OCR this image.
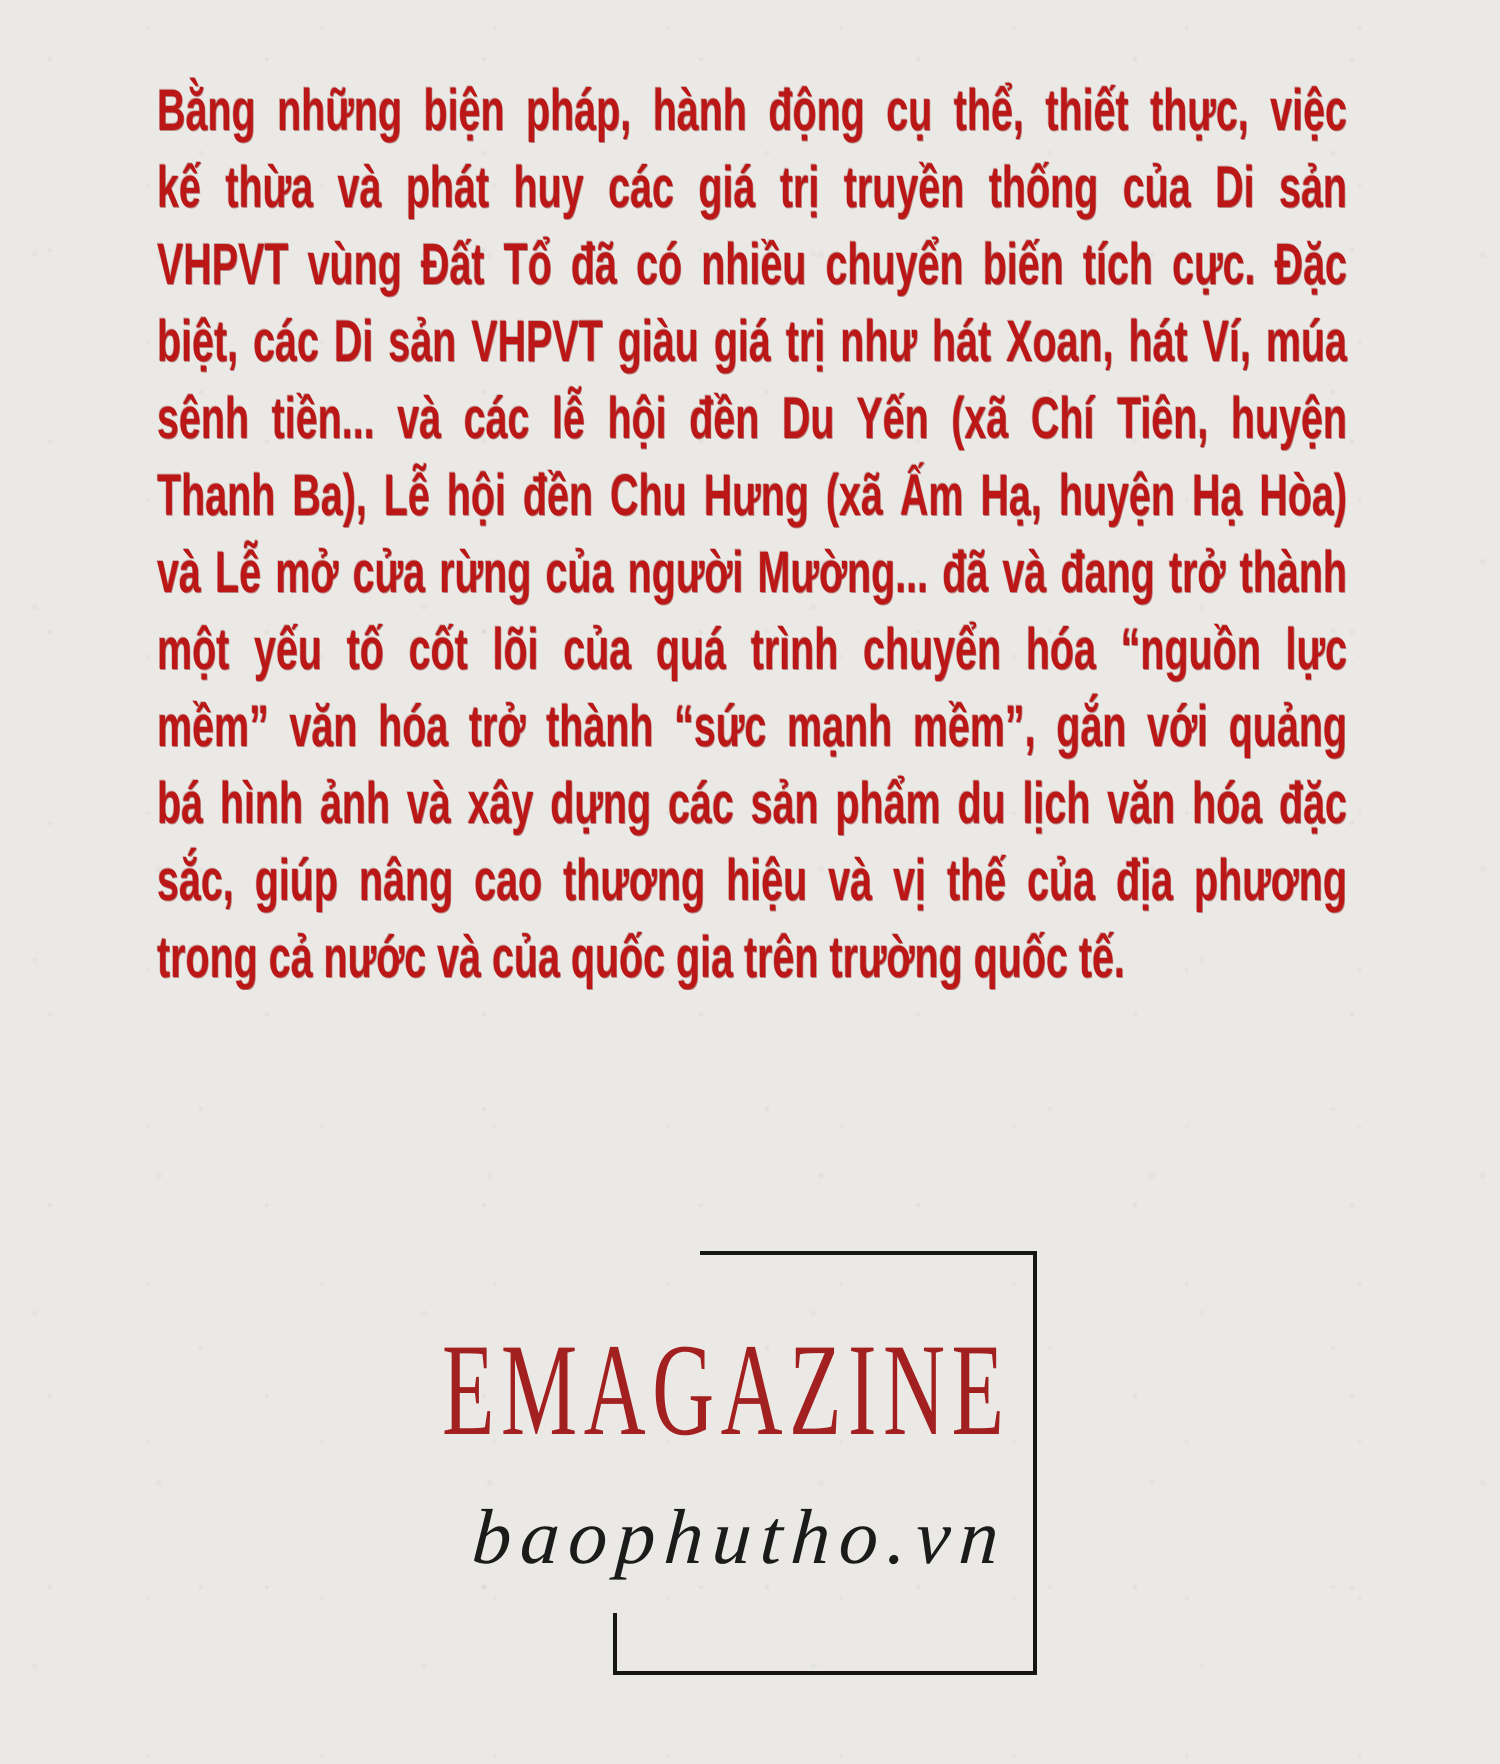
Bằng những biện pháp, hành động cụ thể, thiết thực, việc
kế thừa và phát huy các giá trị truyền thống của Di sản
VHPVT vùng Đất Tổ đã có nhiều chuyển biến tích cực. Đặc
biệt, các Di sản VHPVT giàu giá trị như hát Xoan, hát Ví, múa
sênh tiền... và các lễ hội đền Du Yến (xã Chí Tiên, huyện
Thanh Ba), Lễ hội đền Chu Hưng (xã Ấm Hạ, huyện Hạ Hòa)
và Lễ mở cửa rừng của người Mường... đã và đang trở thành
một yếu tố cốt lõi của quá trình chuyển hóa “nguồn lực
mềm” văn hóa trở thành “sức mạnh mềm”, gắn với quảng
bá hình ảnh và xây dựng các sản phẩm du lịch văn hóa đặc
sắc, giúp nâng cao thương hiệu và vị thế của địa phương
trong cả nước và của quốc gia trên trường quốc tế.
EMAGAZINE
baophutho.vn
